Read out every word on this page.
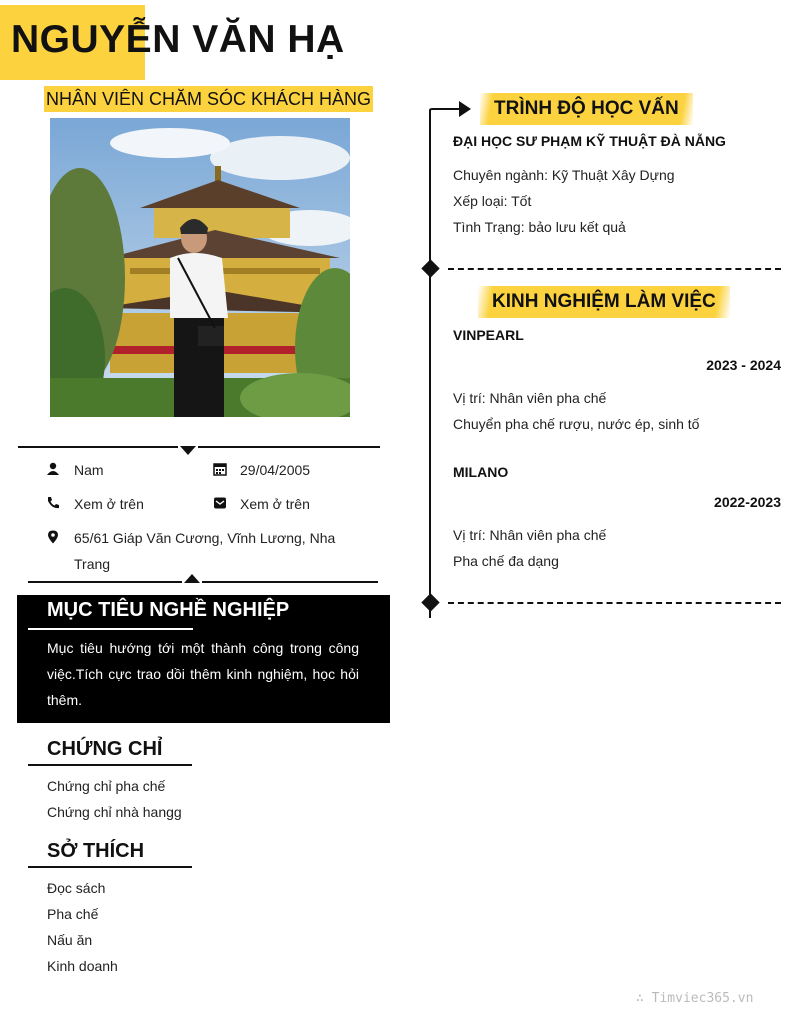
NGUYỄN VĂN HẠ
NHÂN VIÊN CHĂM SÓC KHÁCH HÀNG
Nam	29/04/2005
Xem ở trên	Xem ở trên
65/61 Giáp Văn Cương, Vĩnh Lương, Nha Trang
MỤC TIÊU NGHỀ NGHIỆP
Mục tiêu hướng tới một thành công trong công việc.Tích cực trao dồi thêm kinh nghiệm, học hỏi thêm.
CHỨNG CHỈ
Chứng chỉ pha chế
Chứng chỉ nhà hangg
SỞ THÍCH
Đọc sách
Pha chế
Nấu ăn
Kinh doanh
TRÌNH ĐỘ HỌC VẤN
ĐẠI HỌC SƯ PHẠM KỸ THUẬT ĐÀ NẴNG
Chuyên ngành: Kỹ Thuật Xây Dựng
Xếp loại: Tốt
Tình Trạng: bảo lưu kết quả
KINH NGHIỆM LÀM VIỆC
VINPEARL
2023 - 2024
Vị trí: Nhân viên pha chế
Chuyển pha chế rượu, nước ép, sinh tố
MILANO
2022-2023
Vị trí: Nhân viên pha chế
Pha chế đa dạng
∴ Timviec365.vn
